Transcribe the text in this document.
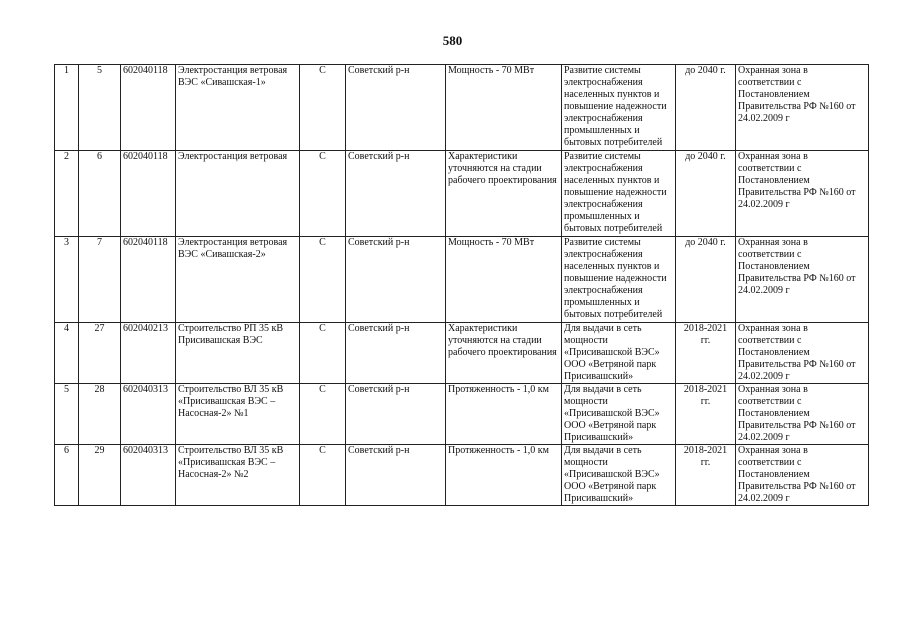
580
1	5	602040118	Электростанция ветровая ВЭС «Сивашская-1»	С	Советский р-н	Мощность - 70 МВт	Развитие системы электроснабжения населенных пунктов и повышение надежности электроснабжения промышленных и бытовых потребителей	до 2040 г.	Охранная зона в соответствии с Постановлением Правительства РФ №160 от 24.02.2009 г
2	6	602040118	Электростанция ветровая	С	Советский р-н	Характеристики уточняются на стадии рабочего проектирования	Развитие системы электроснабжения населенных пунктов и повышение надежности электроснабжения промышленных и бытовых потребителей	до 2040 г.	Охранная зона в соответствии с Постановлением Правительства РФ №160 от 24.02.2009 г
3	7	602040118	Электростанция ветровая ВЭС «Сивашская-2»	С	Советский р-н	Мощность - 70 МВт	Развитие системы электроснабжения населенных пунктов и повышение надежности электроснабжения промышленных и бытовых потребителей	до 2040 г.	Охранная зона в соответствии с Постановлением Правительства РФ №160 от 24.02.2009 г
4	27	602040213	Строительство РП 35 кВ Присивашская ВЭС	С	Советский р-н	Характеристики уточняются на стадии рабочего проектирования	Для выдачи в сеть мощности «Присивашской ВЭС» ООО «Ветряной парк Присивашский»	2018-2021 гг.	Охранная зона в соответствии с Постановлением Правительства РФ №160 от 24.02.2009 г
5	28	602040313	Строительство ВЛ 35 кВ «Присивашская ВЭС – Насосная-2» №1	С	Советский р-н	Протяженность - 1,0 км	Для выдачи в сеть мощности «Присивашской ВЭС» ООО «Ветряной парк Присивашский»	2018-2021 гг.	Охранная зона в соответствии с Постановлением Правительства РФ №160 от 24.02.2009 г
6	29	602040313	Строительство ВЛ 35 кВ «Присивашская ВЭС – Насосная-2» №2	С	Советский р-н	Протяженность - 1,0 км	Для выдачи в сеть мощности «Присивашской ВЭС» ООО «Ветряной парк Присивашский»	2018-2021 гг.	Охранная зона в соответствии с Постановлением Правительства РФ №160 от 24.02.2009 г
